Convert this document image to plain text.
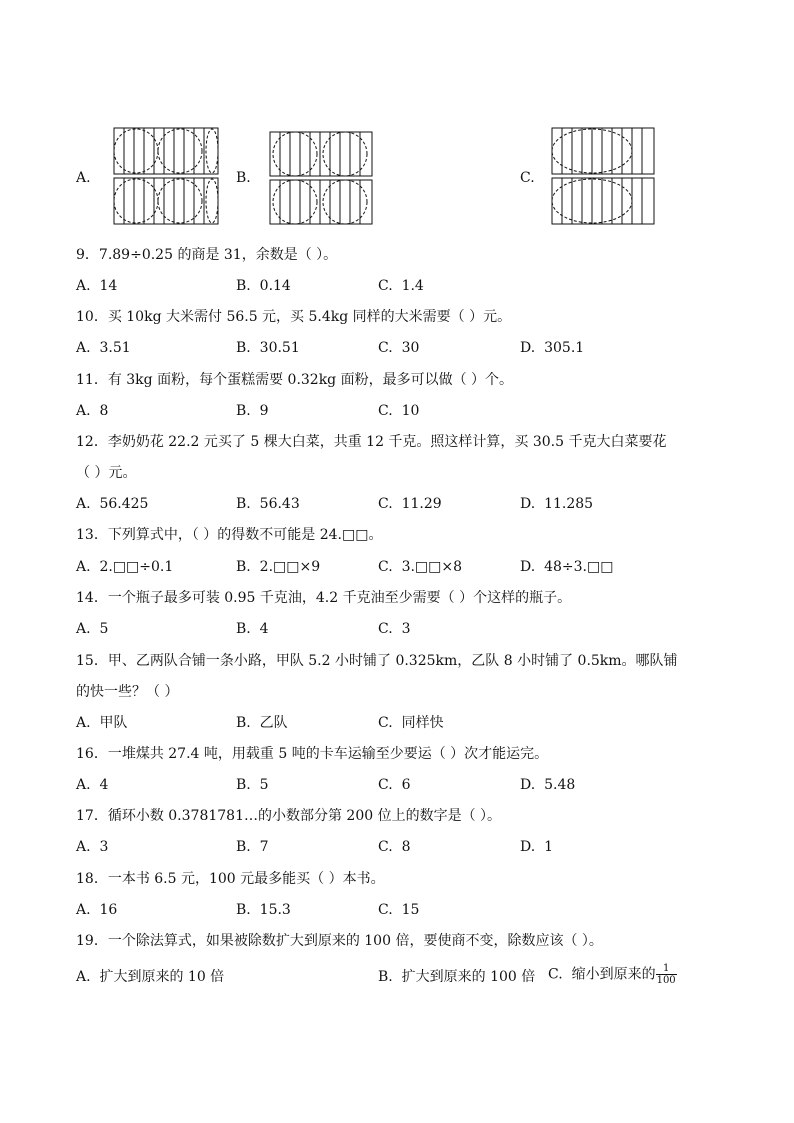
A.	B.	C.
9．7.89÷0.25 的商是 31，余数是（ ）。
A. 14	B. 0.14	C. 1.4
10．买 10kg 大米需付 56.5 元，买 5.4kg 同样的大米需要（ ）元。
A. 3.51	B. 30.51	C. 30	D. 305.1
11．有 3kg 面粉，每个蛋糕需要 0.32kg 面粉，最多可以做（ ）个。
A. 8	B. 9	C. 10
12．李奶奶花 22.2 元买了 5 棵大白菜，共重 12 千克。照这样计算，买 30.5 千克大白菜要花
（ ）元。
A. 56.425	B. 56.43	C. 11.29	D. 11.285
13．下列算式中，（ ）的得数不可能是 24.□□。
A. 2.□□÷0.1	B. 2.□□×9	C. 3.□□×8	D. 48÷3.□□
14．一个瓶子最多可装 0.95 千克油，4.2 千克油至少需要（ ）个这样的瓶子。
A. 5	B. 4	C. 3
15．甲、乙两队合铺一条小路，甲队 5.2 小时铺了 0.325km，乙队 8 小时铺了 0.5km。哪队铺
的快一些？（ ）
A. 甲队	B. 乙队	C. 同样快
16．一堆煤共 27.4 吨，用载重 5 吨的卡车运输至少要运（ ）次才能运完。
A. 4	B. 5	C. 6	D. 5.48
17．循环小数 0.3781781…的小数部分第 200 位上的数字是（ ）。
A. 3	B. 7	C. 8	D. 1
18．一本书 6.5 元，100 元最多能买（ ）本书。
A. 16	B. 15.3	C. 15
19．一个除法算式，如果被除数扩大到原来的 100 倍，要使商不变，除数应该（ ）。
A. 扩大到原来的 10 倍	B. 扩大到原来的 100 倍 C. 缩小到原来的 $\frac{1}{100}$
